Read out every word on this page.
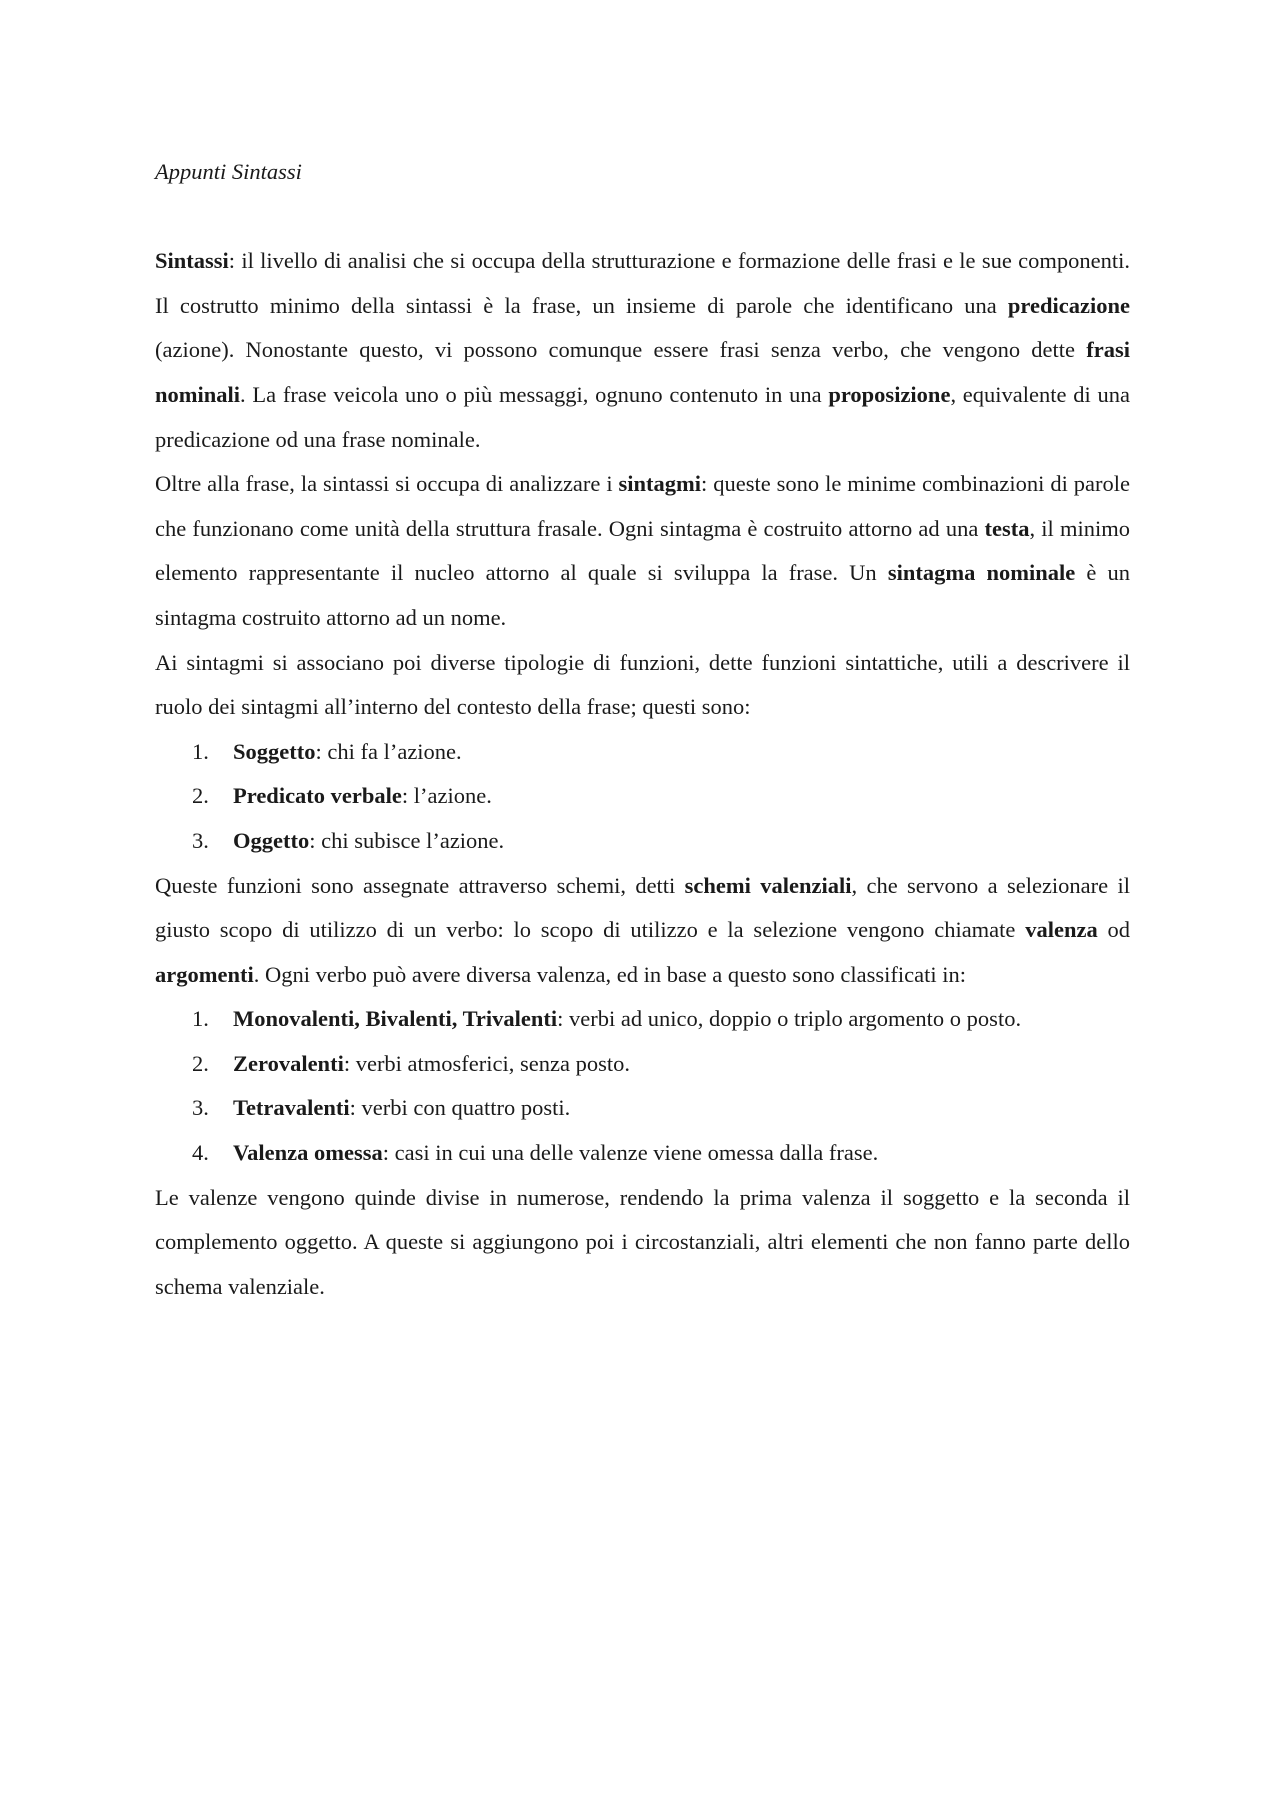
Appunti Sintassi

Sintassi: il livello di analisi che si occupa della strutturazione e formazione delle frasi e le sue componenti. Il costrutto minimo della sintassi è la frase, un insieme di parole che identificano una predicazione (azione). Nonostante questo, vi possono comunque essere frasi senza verbo, che vengono dette frasi nominali. La frase veicola uno o più messaggi, ognuno contenuto in una proposizione, equivalente di una predicazione od una frase nominale.

Oltre alla frase, la sintassi si occupa di analizzare i sintagmi: queste sono le minime combinazioni di parole che funzionano come unità della struttura frasale. Ogni sintagma è costruito attorno ad una testa, il minimo elemento rappresentante il nucleo attorno al quale si sviluppa la frase. Un sintagma nominale è un sintagma costruito attorno ad un nome.

Ai sintagmi si associano poi diverse tipologie di funzioni, dette funzioni sintattiche, utili a descrivere il ruolo dei sintagmi all’interno del contesto della frase; questi sono:

1. Soggetto: chi fa l’azione.
2. Predicato verbale: l’azione.
3. Oggetto: chi subisce l’azione.

Queste funzioni sono assegnate attraverso schemi, detti schemi valenziali, che servono a selezionare il giusto scopo di utilizzo di un verbo: lo scopo di utilizzo e la selezione vengono chiamate valenza od argomenti. Ogni verbo può avere diversa valenza, ed in base a questo sono classificati in:

1. Monovalenti, Bivalenti, Trivalenti: verbi ad unico, doppio o triplo argomento o posto.
2. Zerovalenti: verbi atmosferici, senza posto.
3. Tetravalenti: verbi con quattro posti.
4. Valenza omessa: casi in cui una delle valenze viene omessa dalla frase.

Le valenze vengono quinde divise in numerose, rendendo la prima valenza il soggetto e la seconda il complemento oggetto. A queste si aggiungono poi i circostanziali, altri elementi che non fanno parte dello schema valenziale.
